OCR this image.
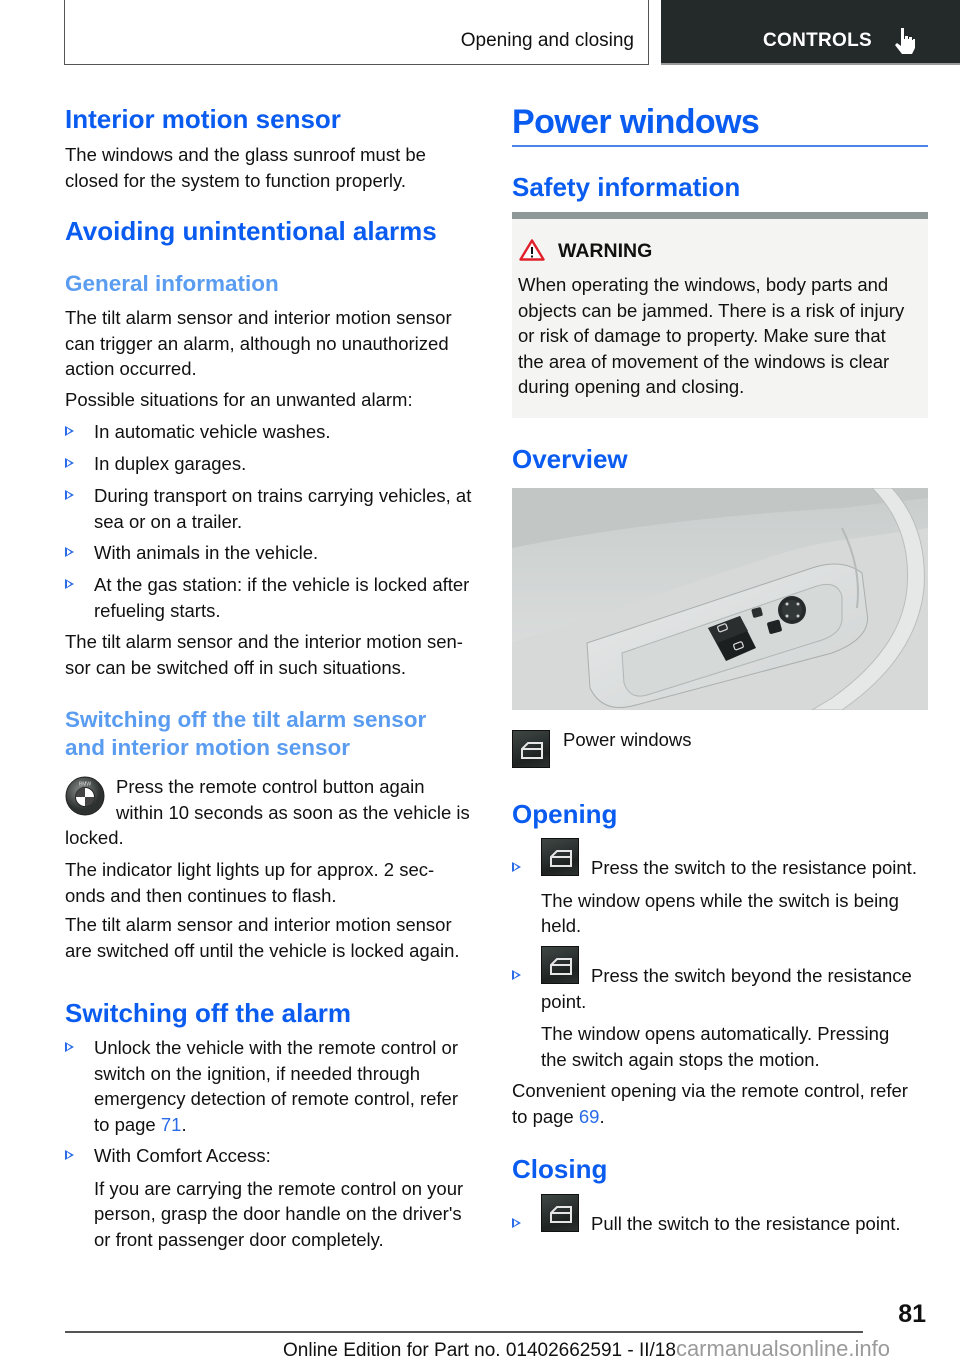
Opening and closing	CONTROLS
Interior motion sensor
The windows and the glass sunroof must be
closed for the system to function properly.
Avoiding unintentional alarms
General information
The tilt alarm sensor and interior motion sensor
can trigger an alarm, although no unauthorized
action occurred.
Possible situations for an unwanted alarm:
In automatic vehicle washes.
In duplex garages.
During transport on trains carrying vehicles, at
sea or on a trailer.
With animals in the vehicle.
At the gas station: if the vehicle is locked after
refueling starts.
The tilt alarm sensor and the interior motion sen-
sor can be switched off in such situations.
Switching off the tilt alarm sensor
and interior motion sensor
BMW Press the remote control button again
within 10 seconds as soon as the vehicle is
locked.
The indicator light lights up for approx. 2 sec-
onds and then continues to flash.
The tilt alarm sensor and interior motion sensor
are switched off until the vehicle is locked again.
Switching off the alarm
Unlock the vehicle with the remote control or
switch on the ignition, if needed through
emergency detection of remote control, refer
to page 71.
With Comfort Access:
If you are carrying the remote control on your
person, grasp the door handle on the driver's
or front passenger door completely.
Power windows
Safety information
WARNING
When operating the windows, body parts and
objects can be jammed. There is a risk of injury
or risk of damage to property. Make sure that
the area of movement of the windows is clear
during opening and closing.
Overview
Power windows
Opening
Press the switch to the resistance point.
The window opens while the switch is being
held.
Press the switch beyond the resistance
point.
The window opens automatically. Pressing
the switch again stops the motion.
Convenient opening via the remote control, refer
to page 69.
Closing
Pull the switch to the resistance point.
81
Online Edition for Part no. 01402662591 - II/18carmanualsonline.info
